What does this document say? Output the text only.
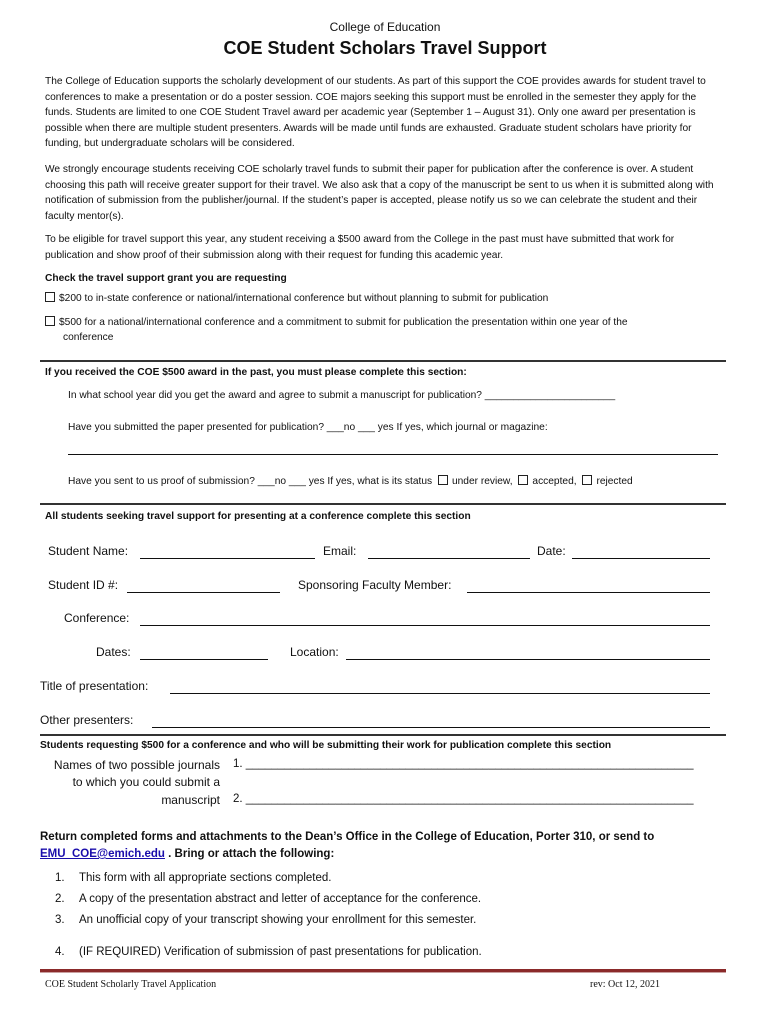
College of Education
COE Student Scholars Travel Support
The College of Education supports the scholarly development of our students. As part of this support the COE provides awards for student travel to conferences to make a presentation or do a poster session. COE majors seeking this support must be enrolled in the semester they apply for the funds. Students are limited to one COE Student Travel award per academic year (September 1 – August 31). Only one award per presentation is possible when there are multiple student presenters. Awards will be made until funds are exhausted. Graduate student scholars have priority for funding, but undergraduate scholars will be considered.
We strongly encourage students receiving COE scholarly travel funds to submit their paper for publication after the conference is over. A student choosing this path will receive greater support for their travel. We also ask that a copy of the manuscript be sent to us when it is submitted along with notification of submission from the publisher/journal. If the student’s paper is accepted, please notify us so we can celebrate the student and their faculty mentor(s).
To be eligible for travel support this year, any student receiving a $500 award from the College in the past must have submitted that work for publication and show proof of their submission along with their request for funding this academic year.
Check the travel support grant you are requesting
$200 to in-state conference or national/international conference but without planning to submit for publication
$500 for a national/international conference and a commitment to submit for publication the presentation within one year of the
conference
If you received the COE $500 award in the past, you must please complete this section:
In what school year did you get the award and agree to submit a manuscript for publication? _______________________
Have you submitted the paper presented for publication? ___no ___ yes If yes, which journal or magazine:
Have you sent to us proof of submission? ___no ___ yes If yes, what is its status under review, accepted, rejected
All students seeking travel support for presenting at a conference complete this section
Student Name:	Email:	Date:
Student ID #:	Sponsoring Faculty Member:
Conference:
Dates:	Location:
Title of presentation:
Other presenters:
Students requesting $500 for a conference and who will be submitting their work for publication complete this section
Names of two possible journals
to which you could submit a
manuscript
1. ______________________________________________________________________
2. ______________________________________________________________________
Return completed forms and attachments to the Dean’s Office in the College of Education, Porter 310, or send to
EMU_COE@emich.edu . Bring or attach the following:
1. This form with all appropriate sections completed.
2. A copy of the presentation abstract and letter of acceptance for the conference.
3. An unofficial copy of your transcript showing your enrollment for this semester.
4. (IF REQUIRED) Verification of submission of past presentations for publication.
COE Student Scholarly Travel Application	rev: Oct 12, 2021
